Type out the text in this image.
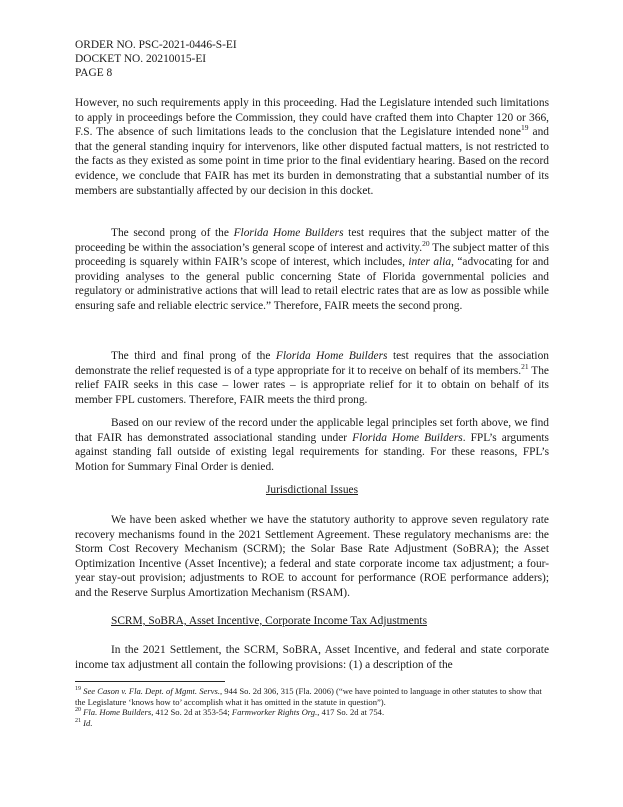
ORDER NO. PSC-2021-0446-S-EI
DOCKET NO. 20210015-EI
PAGE 8
However, no such requirements apply in this proceeding. Had the Legislature intended such limitations to apply in proceedings before the Commission, they could have crafted them into Chapter 120 or 366, F.S. The absence of such limitations leads to the conclusion that the Legislature intended none$^{19}$ and that the general standing inquiry for intervenors, like other disputed factual matters, is not restricted to the facts as they existed as some point in time prior to the final evidentiary hearing. Based on the record evidence, we conclude that FAIR has met its burden in demonstrating that a substantial number of its members are substantially affected by our decision in this docket.
The second prong of the Florida Home Builders test requires that the subject matter of the proceeding be within the association’s general scope of interest and activity.$^{20}$ The subject matter of this proceeding is squarely within FAIR’s scope of interest, which includes, inter alia, “advocating for and providing analyses to the general public concerning State of Florida governmental policies and regulatory or administrative actions that will lead to retail electric rates that are as low as possible while ensuring safe and reliable electric service.” Therefore, FAIR meets the second prong.
The third and final prong of the Florida Home Builders test requires that the association demonstrate the relief requested is of a type appropriate for it to receive on behalf of its members.$^{21}$ The relief FAIR seeks in this case – lower rates – is appropriate relief for it to obtain on behalf of its member FPL customers. Therefore, FAIR meets the third prong.
Based on our review of the record under the applicable legal principles set forth above, we find that FAIR has demonstrated associational standing under Florida Home Builders. FPL’s arguments against standing fall outside of existing legal requirements for standing. For these reasons, FPL’s Motion for Summary Final Order is denied.
Jurisdictional Issues
We have been asked whether we have the statutory authority to approve seven regulatory rate recovery mechanisms found in the 2021 Settlement Agreement. These regulatory mechanisms are: the Storm Cost Recovery Mechanism (SCRM); the Solar Base Rate Adjustment (SoBRA); the Asset Optimization Incentive (Asset Incentive); a federal and state corporate income tax adjustment; a four-year stay-out provision; adjustments to ROE to account for performance (ROE performance adders); and the Reserve Surplus Amortization Mechanism (RSAM).
SCRM, SoBRA, Asset Incentive, Corporate Income Tax Adjustments
In the 2021 Settlement, the SCRM, SoBRA, Asset Incentive, and federal and state corporate income tax adjustment all contain the following provisions: (1) a description of the
$^{19}$ See Cason v. Fla. Dept. of Mgmt. Servs., 944 So. 2d 306, 315 (Fla. 2006) (“we have pointed to language in other statutes to show that the Legislature ‘knows how to’ accomplish what it has omitted in the statute in question”).
$^{20}$ Fla. Home Builders, 412 So. 2d at 353-54; Farmworker Rights Org., 417 So. 2d at 754.
$^{21}$ Id.
